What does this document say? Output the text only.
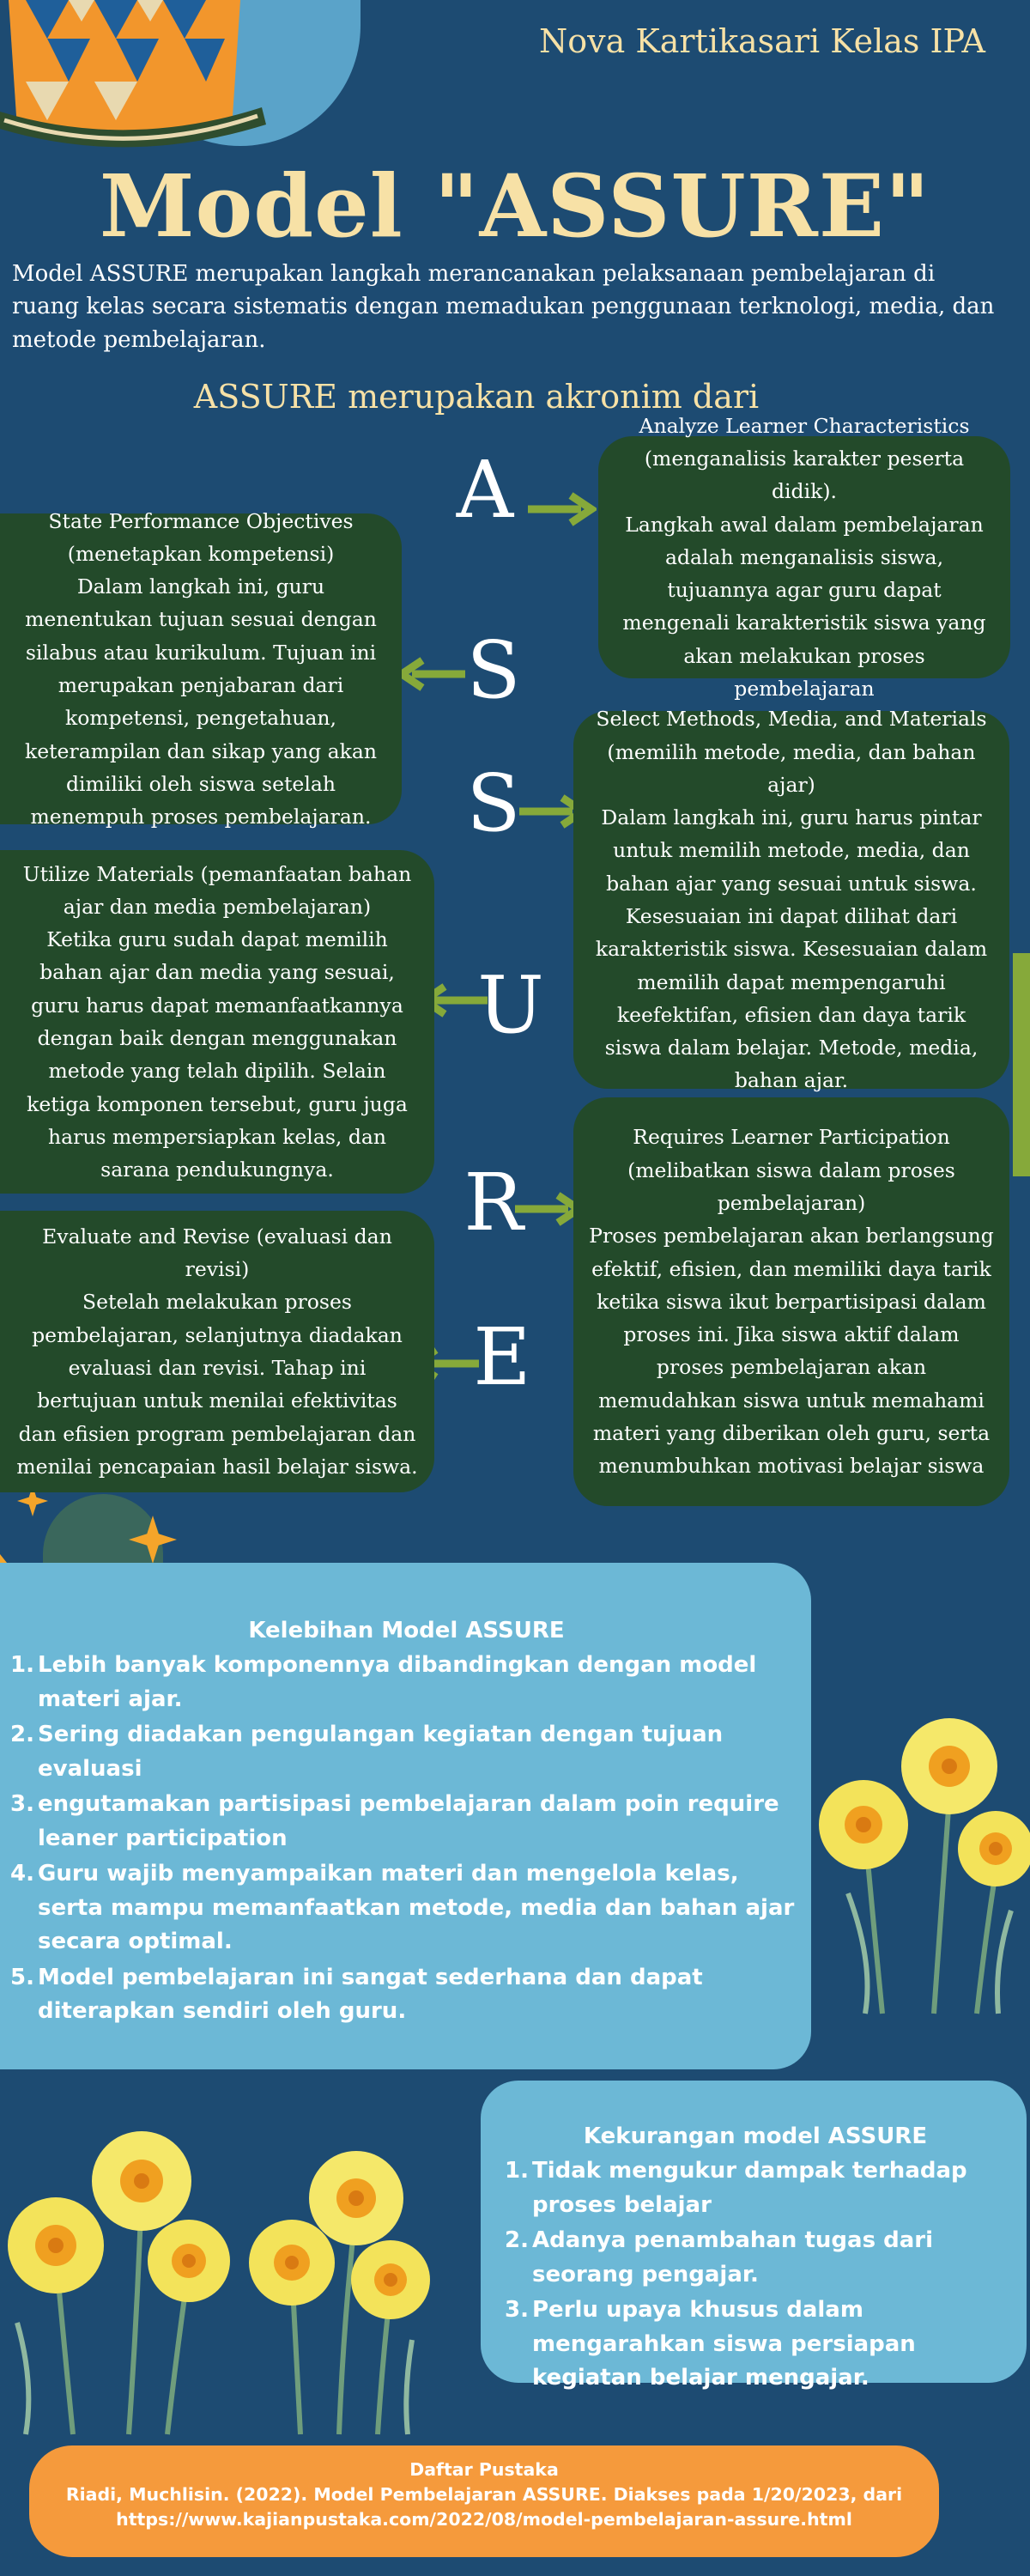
Nova Kartikasari Kelas IPA
Model "ASSURE"

Model ASSURE merupakan langkah merancanakan pelaksanaan pembelajaran di ruang kelas secara sistematis dengan memadukan penggunaan terknologi, media, dan metode pembelajaran.

ASSURE merupakan akronim dari
A
S
S
U
R
E
Analyze Learner Characteristics (menganalisis karakter peserta didik).
Langkah awal dalam pembelajaran adalah menganalisis siswa, tujuannya agar guru dapat mengenali karakteristik siswa yang akan melakukan proses pembelajaran
State Performance Objectives (menetapkan kompetensi)
Dalam langkah ini, guru menentukan tujuan sesuai dengan silabus atau kurikulum. Tujuan ini merupakan penjabaran dari kompetensi, pengetahuan, keterampilan dan sikap yang akan dimiliki oleh siswa setelah menempuh proses pembelajaran.
Select Methods, Media, and Materials (memilih metode, media, dan bahan ajar)
Dalam langkah ini, guru harus pintar untuk memilih metode, media, dan bahan ajar yang sesuai untuk siswa. Kesesuaian ini dapat dilihat dari karakteristik siswa. Kesesuaian dalam memilih dapat mempengaruhi keefektifan, efisien dan daya tarik siswa dalam belajar. Metode, media, bahan ajar.
Utilize Materials (pemanfaatan bahan ajar dan media pembelajaran)
Ketika guru sudah dapat memilih bahan ajar dan media yang sesuai, guru harus dapat memanfaatkannya dengan baik dengan menggunakan metode yang telah dipilih. Selain ketiga komponen tersebut, guru juga harus mempersiapkan kelas, dan sarana pendukungnya.
Requires Learner Participation (melibatkan siswa dalam proses pembelajaran)
Proses pembelajaran akan berlangsung efektif, efisien, dan memiliki daya tarik ketika siswa ikut berpartisipasi dalam proses ini. Jika siswa aktif dalam proses pembelajaran akan memudahkan siswa untuk memahami materi yang diberikan oleh guru, serta menumbuhkan motivasi belajar siswa
Evaluate and Revise (evaluasi dan revisi)
Setelah melakukan proses pembelajaran, selanjutnya diadakan evaluasi dan revisi. Tahap ini bertujuan untuk menilai efektivitas dan efisien program pembelajaran dan menilai pencapaian hasil belajar siswa.
Kelebihan Model ASSURE
1. Lebih banyak komponennya dibandingkan dengan model materi ajar.
2. Sering diadakan pengulangan kegiatan dengan tujuan evaluasi
3. engutamakan partisipasi pembelajaran dalam poin require leaner participation
4. Guru wajib menyampaikan materi dan mengelola kelas, serta mampu memanfaatkan metode, media dan bahan ajar secara optimal.
5. Model pembelajaran ini sangat sederhana dan dapat diterapkan sendiri oleh guru.
Kekurangan model ASSURE
1. Tidak mengukur dampak terhadap proses belajar
2. Adanya penambahan tugas dari seorang pengajar.
3. Perlu upaya khusus dalam mengarahkan siswa persiapan kegiatan belajar mengajar.
Daftar Pustaka
Riadi, Muchlisin. (2022). Model Pembelajaran ASSURE. Diakses pada 1/20/2023, dari
https://www.kajianpustaka.com/2022/08/model-pembelajaran-assure.html
